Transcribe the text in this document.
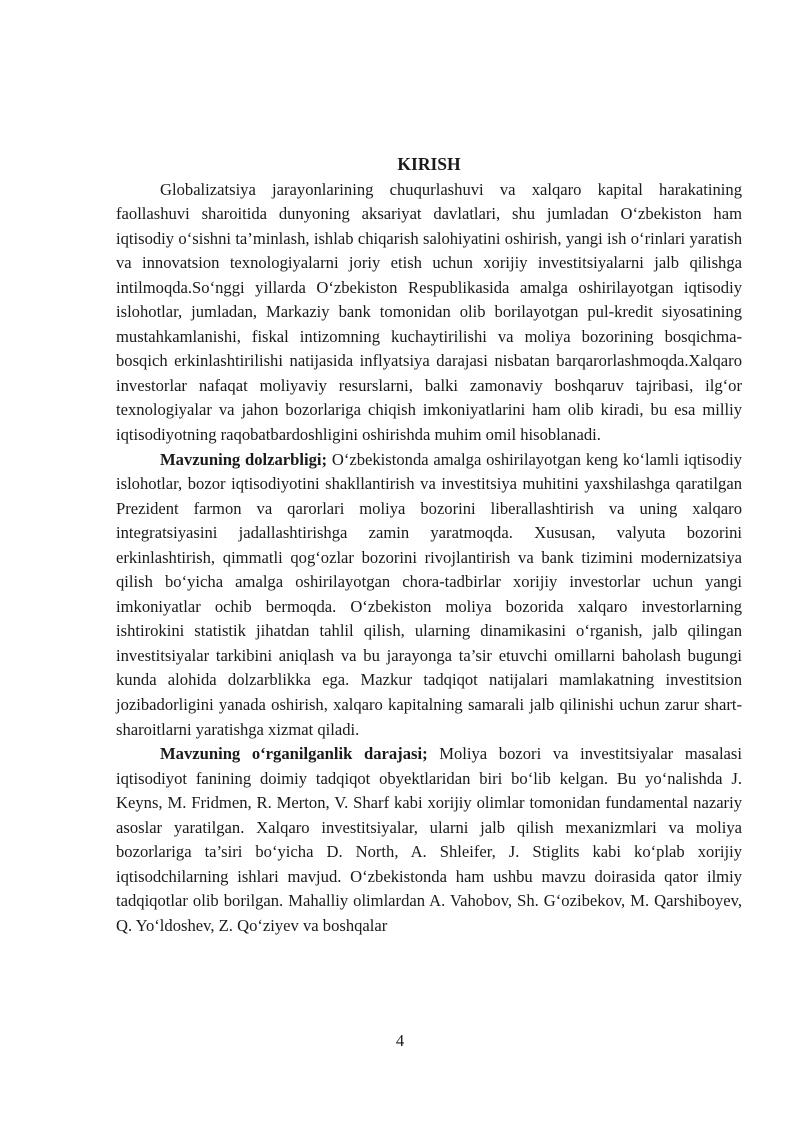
KIRISH

Globalizatsiya jarayonlarining chuqurlashuvi va xalqaro kapital harakatining faollashuvi sharoitida dunyoning aksariyat davlatlari, shu jumladan O‘zbekiston ham iqtisodiy o‘sishni ta’minlash, ishlab chiqarish salohiyatini oshirish, yangi ish o‘rinlari yaratish va innovatsion texnologiyalarni joriy etish uchun xorijiy investitsiyalarni jalb qilishga intilmoqda.So‘nggi yillarda O‘zbekiston Respublikasida amalga oshirilayotgan iqtisodiy islohotlar, jumladan, Markaziy bank tomonidan olib borilayotgan pul-kredit siyosatining mustahkamlanishi, fiskal intizomning kuchaytirilishi va moliya bozorining bosqichma-bosqich erkinlashtirilishi natijasida inflyatsiya darajasi nisbatan barqarorlashmoqda.Xalqaro investorlar nafaqat moliyaviy resurslarni, balki zamonaviy boshqaruv tajribasi, ilg‘or texnologiyalar va jahon bozorlariga chiqish imkoniyatlarini ham olib kiradi, bu esa milliy iqtisodiyotning raqobatbardoshligini oshirishda muhim omil hisoblanadi.

Mavzuning dolzarbligi; O‘zbekistonda amalga oshirilayotgan keng ko‘lamli iqtisodiy islohotlar, bozor iqtisodiyotini shakllantirish va investitsiya muhitini yaxshilashga qaratilgan Prezident farmon va qarorlari moliya bozorini liberallashtirish va uning xalqaro integratsiyasini jadallashtirishga zamin yaratmoqda. Xususan, valyuta bozorini erkinlashtirish, qimmatli qog‘ozlar bozorini rivojlantirish va bank tizimini modernizatsiya qilish bo‘yicha amalga oshirilayotgan chora-tadbirlar xorijiy investorlar uchun yangi imkoniyatlar ochib bermoqda. O‘zbekiston moliya bozorida xalqaro investorlarning ishtirokini statistik jihatdan tahlil qilish, ularning dinamikasini o‘rganish, jalb qilingan investitsiyalar tarkibini aniqlash va bu jarayonga ta’sir etuvchi omillarni baholash bugungi kunda alohida dolzarblikka ega. Mazkur tadqiqot natijalari mamlakatning investitsion jozibadorligini yanada oshirish, xalqaro kapitalning samarali jalb qilinishi uchun zarur shart-sharoitlarni yaratishga xizmat qiladi.

Mavzuning o‘rganilganlik darajasi; Moliya bozori va investitsiyalar masalasi iqtisodiyot fanining doimiy tadqiqot obyektlaridan biri bo‘lib kelgan. Bu yo‘nalishda J. Keyns, M. Fridmen, R. Merton, V. Sharf kabi xorijiy olimlar tomonidan fundamental nazariy asoslar yaratilgan. Xalqaro investitsiyalar, ularni jalb qilish mexanizmlari va moliya bozorlariga ta’siri bo‘yicha D. North, A. Shleifer, J. Stiglits kabi ko‘plab xorijiy iqtisodchilarning ishlari mavjud. O‘zbekistonda ham ushbu mavzu doirasida qator ilmiy tadqiqotlar olib borilgan. Mahalliy olimlardan A. Vahobov, Sh. G‘ozibekov, M. Qarshiboyev, Q. Yo‘ldoshev, Z. Qo‘ziyev va boshqalar

4
